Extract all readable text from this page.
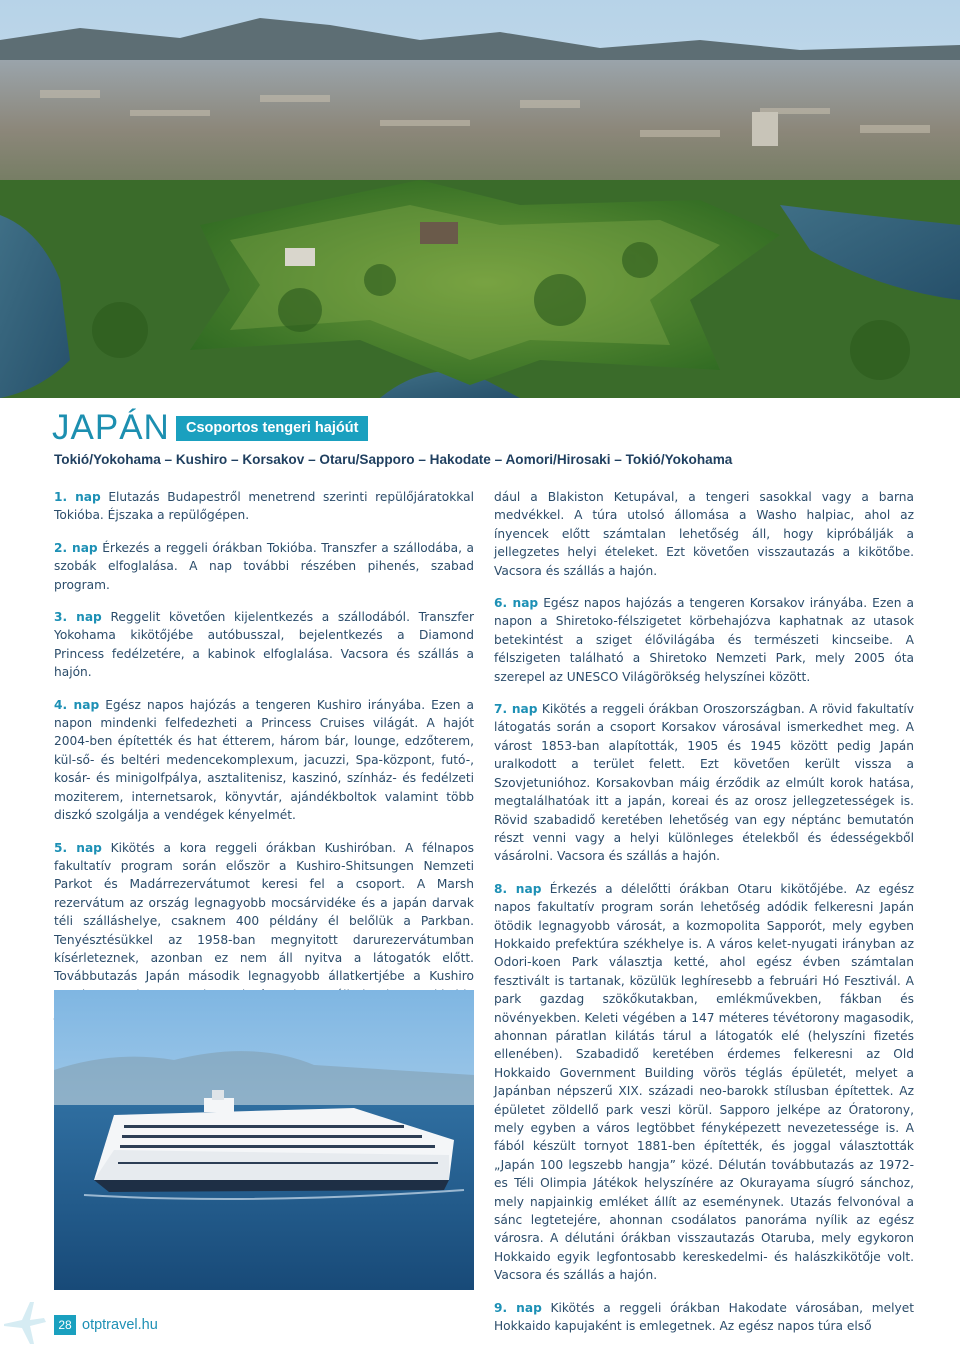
JAPÁN	Csoportos tengeri hajóút
Tokió/Yokohama – Kushiro – Korsakov – Otaru/Sapporo – Hakodate – Aomori/Hirosaki – Tokió/Yokohama

1. nap Elutazás Budapestről menetrend szerinti repülőjáratokkal Tokióba. Éjszaka a repülőgépen.

2. nap Érkezés a reggeli órákban Tokióba. Transzfer a szállodába, a szobák elfoglalása. A nap további részében pihenés, szabad program.

3. nap Reggelit követően kijelentkezés a szállodából. Transzfer Yokohama kikötőjébe autóbusszal, bejelentkezés a Diamond Princess fedélzetére, a kabinok elfoglalása. Vacsora és szállás a hajón.

4. nap Egész napos hajózás a tengeren Kushiro irányába. Ezen a napon mindenki felfedezheti a Princess Cruises világát. A hajót 2004-ben építették és hat étterem, három bár, lounge, edzőterem, kül-ső- és beltéri medencekomplexum, jacuzzi, Spa-központ, futó-, kosár- és minigolfpálya, asztalitenisz, kaszinó, színház- és fedélzeti moziterem, internetsarok, könyvtár, ajándékboltok valamint több diszkó szolgálja a vendégek kényelmét.

5. nap Kikötés a kora reggeli órákban Kushiróban. A félnapos fakultatív program során először a Kushiro-Shitsungen Nemzeti Parkot és Madárrezervátumot keresi fel a csoport. A Marsh rezervátum az ország legnagyobb mocsárvidéke és a japán darvak téli szálláshelye, csaknem 400 példány él belőlük a Parkban. Tenyésztésükkel az 1958-ban megnyitott darurezervátumban kísérleteznek, azonban ez nem áll nyitva a látogatók előtt. Továbbutazás Japán második legnagyobb állatkertjébe a Kushiro

dául a Blakiston Ketupával, a tengeri sasokkal vagy a barna medvékkel. A túra utolsó állomása a Washo halpiac, ahol az ínyencek előtt számtalan lehetőség áll, hogy kipróbálják a jellegzetes helyi ételeket. Ezt követően visszautazás a kikötőbe. Vacsora és szállás a hajón.

6. nap Egész napos hajózás a tengeren Korsakov irányába. Ezen a napon a Shiretoko-félszigetet körbehajózva kaphatnak az utasok betekintést a sziget élővilágába és természeti kincseibe. A félszigeten található a Shiretoko Nemzeti Park, mely 2005 óta szerepel az UNESCO Világörökség helyszínei között.

7. nap Kikötés a reggeli órákban Oroszországban. A rövid fakultatív látogatás során a csoport Korsakov városával ismerkedhet meg. A várost 1853-ban alapították, 1905 és 1945 között pedig Japán uralkodott a terület felett. Ezt követően került vissza a Szovjetunióhoz. Korsakovban máig érződik az elmúlt korok hatása, megtalálhatóak itt a japán, koreai és az orosz jellegzetességek is. Rövid szabadidő keretében lehetőség van egy néptánc bemutatón részt venni vagy a helyi különleges ételekből és édességekből vásárolni. Vacsora és szállás a hajón.

8. nap Érkezés a délelőtti órákban Otaru kikötőjébe. Az egész napos fakultatív program során lehetőség adódik felkeresni Japán ötödik legnagyobb városát, a kozmopolita Sapporót, mely egyben Hokkaido prefektúra székhelye is. A város kelet-nyugati irányban az Odori-koen Park választja ketté, ahol egész évben számtalan fesztivált is tartanak, közülük leghíresebb a februári Hó Fesztivál. A park gazdag szökőkutakban, emlékművekben, fákban és növényekben. Keleti végében a 147 méteres tévétorony magasodik, ahonnan páratlan kilátás tárul a látogatók elé (helyszíni fizetés ellenében). Szabadidő keretében érdemes felkeresni az Old Hokkaido Government Building vörös téglás épületét, melyet a Japánban népszerű XIX. századi neo-barokk stílusban építettek. Az épületet zöldellő park veszi körül. Sapporo jelképe az Óratorony, mely egyben a város legtöbbet fényképezett nevezetessége is. A fából készült tornyot 1881-ben építették, és joggal választották „Japán 100 legszebb hangja” közé. Délután továbbutazás az 1972-es Téli Olimpia Játékok helyszínére az Okurayama síugró sánchoz, mely napjainkig emléket állít az eseménynek. Utazás felvonóval a sánc legtetejére, ahonnan csodálatos panoráma nyílik az egész városra. A délutáni órákban visszautazás Otaruba, mely egykoron Hokkaido egyik legfontosabb kereskedelmi- és halászkikötője volt. Vacsora és szállás a hajón.

9. nap Kikötés a reggeli órákban Hakodate városában, melyet Hokkaido kapujaként is emlegetnek. Az egész napos túra első

28 otptravel.hu
